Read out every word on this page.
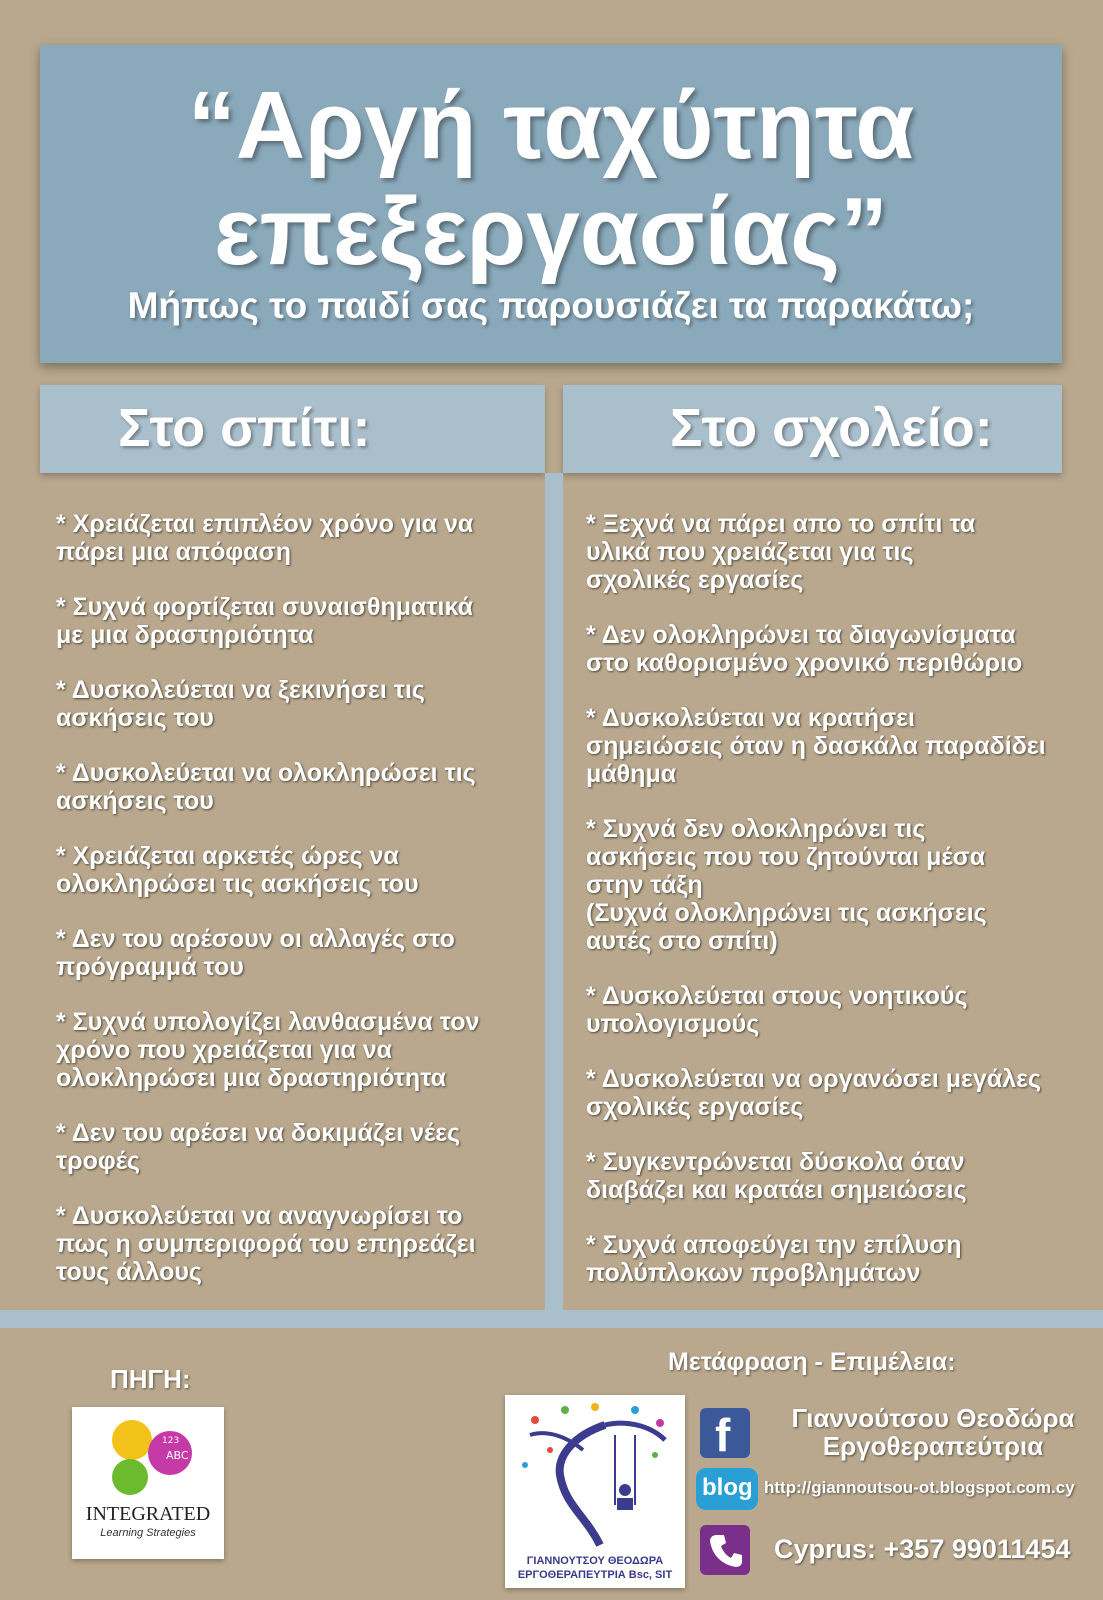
“Αργή ταχύτητα
επεξεργασίας”
Μήπως το παιδί σας παρουσιάζει τα παρακάτω;
Στο σπίτι:	Στο σχολείο:
* Χρειάζεται επιπλέον χρόνο για να
πάρει μια απόφαση
* Συχνά φορτίζεται συναισθηματικά
με μια δραστηριότητα
* Δυσκολεύεται να ξεκινήσει τις
ασκήσεις του
* Δυσκολεύεται να ολοκληρώσει τις
ασκήσεις του
* Χρειάζεται αρκετές ώρες να
ολοκληρώσει τις ασκήσεις του
* Δεν του αρέσουν οι αλλαγές στο
πρόγραμμά του
* Συχνά υπολογίζει λανθασμένα τον
χρόνο που χρειάζεται για να
ολοκληρώσει μια δραστηριότητα
* Δεν του αρέσει να δοκιμάζει νέες
τροφές
* Δυσκολεύεται να αναγνωρίσει το
πως η συμπεριφορά του επηρεάζει
τους άλλους
* Ξεχνά να πάρει απο το σπίτι τα
υλικά που χρειάζεται για τις
σχολικές εργασίες
* Δεν ολοκληρώνει τα διαγωνίσματα
στο καθορισμένο χρονικό περιθώριο
* Δυσκολεύεται να κρατήσει
σημειώσεις όταν η δασκάλα παραδίδει
μάθημα
* Συχνά δεν ολοκληρώνει τις
ασκήσεις που του ζητούνται μέσα
στην τάξη
(Συχνά ολοκληρώνει τις ασκήσεις
αυτές στο σπίτι)
* Δυσκολεύεται στους νοητικούς
υπολογισμούς
* Δυσκολεύεται να οργανώσει μεγάλες
σχολικές εργασίες
* Συγκεντρώνεται δύσκολα όταν
διαβάζει και κρατάει σημειώσεις
* Συχνά αποφεύγει την επίλυση
πολύπλοκων προβλημάτων
ΠΗΓΗ:
ABC
123
INTEGRATED
Learning Strategies
Μετάφραση - Επιμέλεια:
ΓΙΑΝΝΟΥΤΣΟΥ ΘΕΟΔΩΡΑ
ΕΡΓΟΘΕΡΑΠΕΥΤΡΙΑ Bsc, SIT
f	Γιαννούτσου Θεοδώρα
Εργοθεραπεύτρια
blog http://giannoutsou-ot.blogspot.com.cy
Cyprus: +357 99011454
